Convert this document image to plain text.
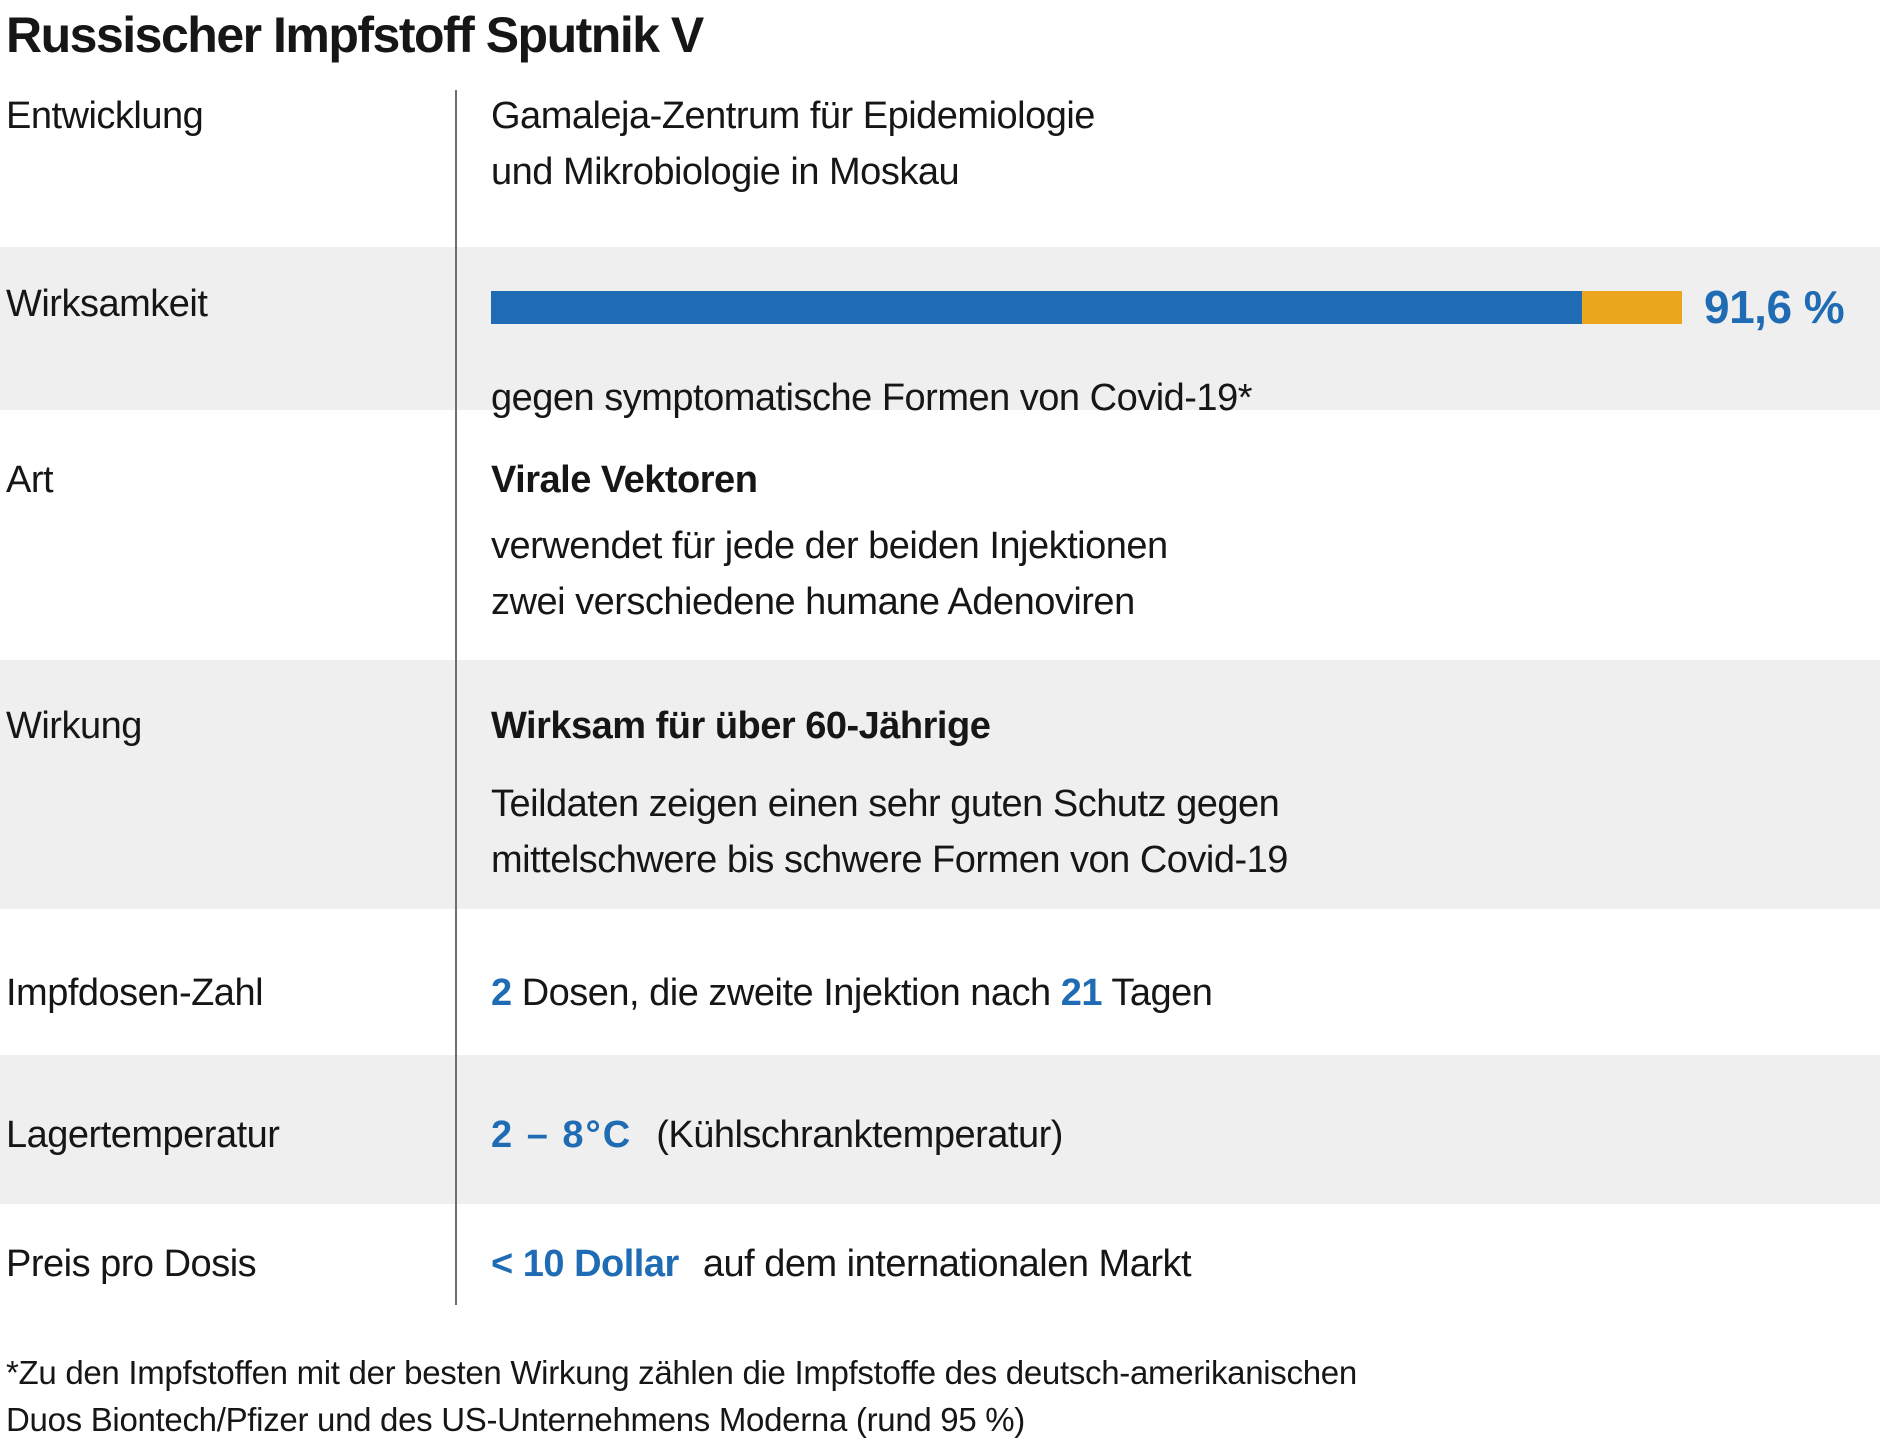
Russischer Impfstoff Sputnik V
Entwicklung	Gamaleja-Zentrum für Epidemiologie
und Mikrobiologie in Moskau
Wirksamkeit	91,6 %
gegen symptomatische Formen von Covid-19*
Art	Virale Vektoren
verwendet für jede der beiden Injektionen
zwei verschiedene humane Adenoviren
Wirkung	Wirksam für über 60-Jährige
Teildaten zeigen einen sehr guten Schutz gegen
mittelschwere bis schwere Formen von Covid-19
Impfdosen-Zahl	2 Dosen, die zweite Injektion nach 21 Tagen
Lagertemperatur	2 – 8°C (Kühlschranktemperatur)
Preis pro Dosis	< 10 Dollar auf dem internationalen Markt
*Zu den Impfstoffen mit der besten Wirkung zählen die Impfstoffe des deutsch-amerikanischen
Duos Biontech/Pfizer und des US-Unternehmens Moderna (rund 95 %)
